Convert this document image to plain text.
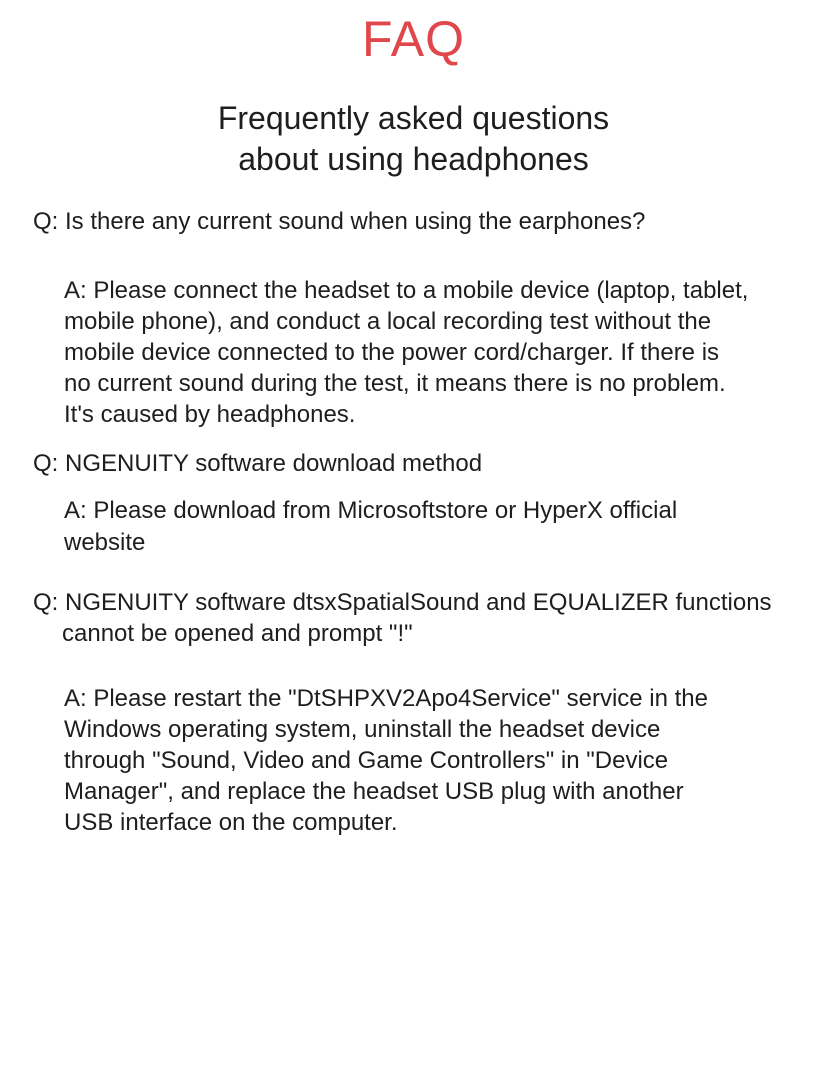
FAQ
Frequently asked questions
about using headphones
Q: Is there any current sound when using the earphones?
A: Please connect the headset to a mobile device (laptop, tablet,
mobile phone), and conduct a local recording test without the
mobile device connected to the power cord/charger. If there is
no current sound during the test, it means there is no problem.
It's caused by headphones.
Q: NGENUITY software download method
A: Please download from Microsoftstore or HyperX official
website
Q: NGENUITY software dtsxSpatialSound and EQUALIZER functions
cannot be opened and prompt "!"
A: Please restart the "DtSHPXV2Apo4Service" service in the
Windows operating system, uninstall the headset device
through "Sound, Video and Game Controllers" in "Device
Manager", and replace the headset USB plug with another
USB interface on the computer.
